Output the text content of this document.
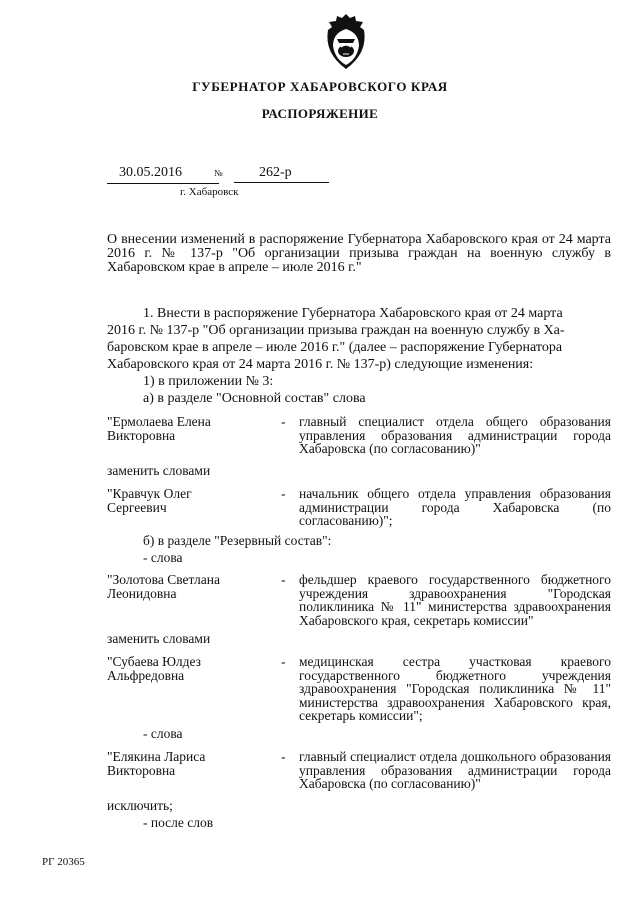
ГУБЕРНАТОР ХАБАРОВСКОГО КРАЯ
РАСПОРЯЖЕНИЕ
30.05.2016	№	262-р
г. Хабаровск
О внесении изменений в распоряжение Губернатора Хабаровского края от 24 марта 2016 г. № 137-р "Об организации призыва граждан на военную службу в Хабаровском крае в апреле – июле 2016 г."
1. Внести в распоряжение Губернатора Хабаровского края от 24 марта
2016 г. № 137-р "Об организации призыва граждан на военную службу в Ха-
баровском крае в апреле – июле 2016 г." (далее – распоряжение Губернатора
Хабаровского края от 24 марта 2016 г. № 137-р) следующие изменения:
1) в приложении № 3:
а) в разделе "Основной состав" слова
"Ермолаева Елена
Викторовна
- главный специалист отдела общего образования управления образования администрации города Хабаровска (по согласованию)"
заменить словами
"Кравчук Олег
Сергеевич
- начальник общего отдела управления образования администрации города Хабаровска (по согласованию)";
б) в разделе "Резервный состав":
- слова
"Золотова Светлана
Леонидовна
- фельдшер краевого государственного бюджетного учреждения здравоохранения "Городская поликлиника № 11" министерства здравоохранения Хабаровского края, секретарь комиссии"
заменить словами
"Субаева Юлдез
Альфредовна
- медицинская сестра участковая краевого государственного бюджетного учреждения здравоохранения "Городская поликлиника № 11" министерства здравоохранения Хабаровского края, секретарь комиссии";
- слова
"Елякина Лариса
Викторовна
- главный специалист отдела дошкольного образования управления образования администрации города Хабаровска (по согласованию)"
исключить;
- после слов
РГ 20365
